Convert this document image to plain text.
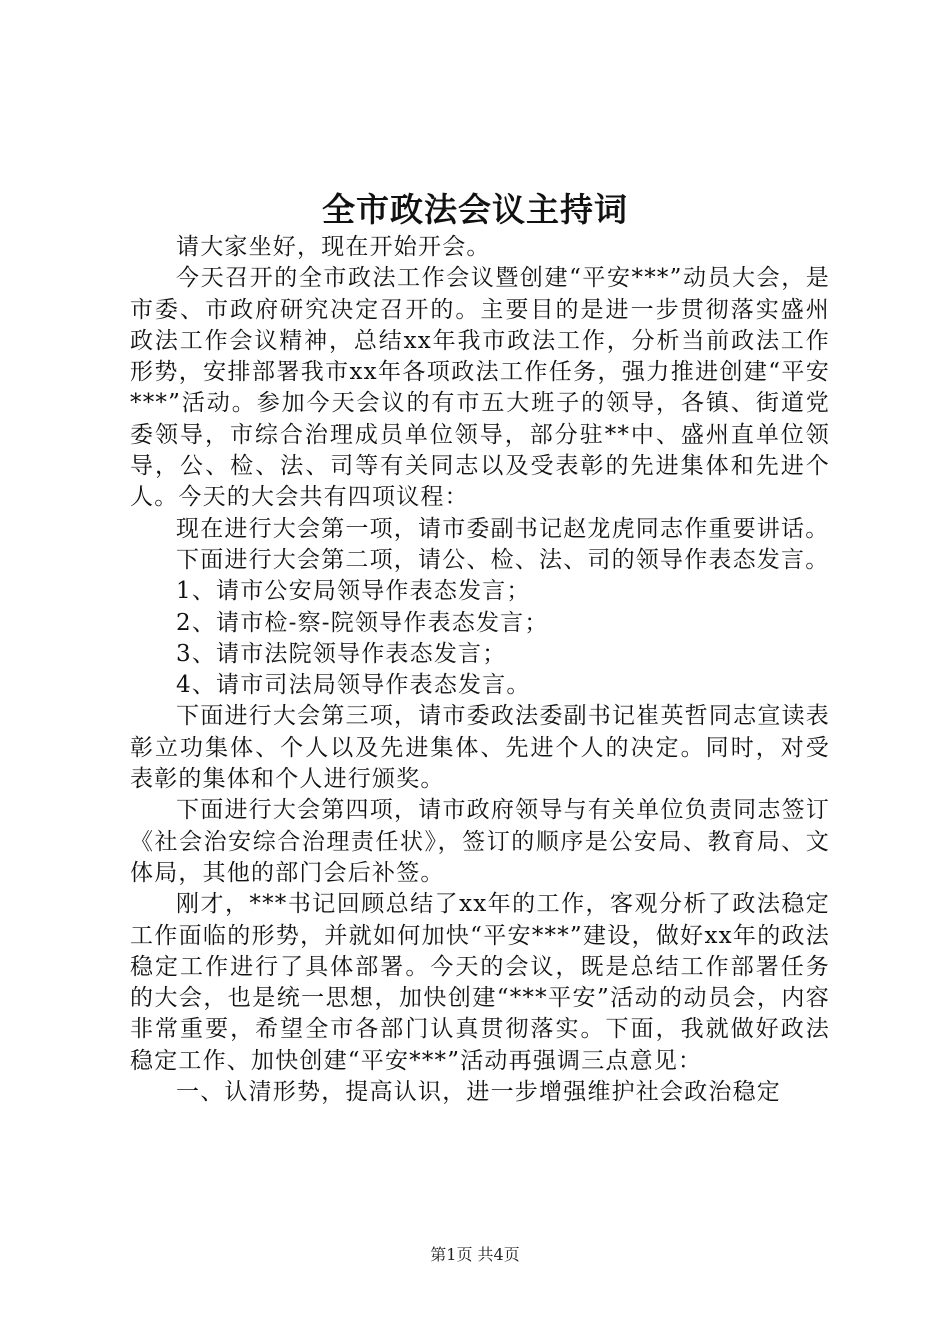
全市政法会议主持词

请大家坐好，现在开始开会。

今天召开的全市政法工作会议暨创建“平安***”动员大会，是市委、市政府研究决定召开的。主要目的是进一步贯彻落实盛州政法工作会议精神，总结xx年我市政法工作，分析当前政法工作形势，安排部署我市xx年各项政法工作任务，强力推进创建“平安***”活动。参加今天会议的有市五大班子的领导，各镇、街道党委领导，市综合治理成员单位领导，部分驻**中、盛州直单位领导，公、检、法、司等有关同志以及受表彰的先进集体和先进个人。今天的大会共有四项议程：

现在进行大会第一项，请市委副书记赵龙虎同志作重要讲话。

下面进行大会第二项，请公、检、法、司的领导作表态发言。

1、请市公安局领导作表态发言；

2、请市检-察-院领导作表态发言；

3、请市法院领导作表态发言；

4、请市司法局领导作表态发言。

下面进行大会第三项，请市委政法委副书记崔英哲同志宣读表彰立功集体、个人以及先进集体、先进个人的决定。同时，对受表彰的集体和个人进行颁奖。

下面进行大会第四项，请市政府领导与有关单位负责同志签订《社会治安综合治理责任状》，签订的顺序是公安局、教育局、文体局，其他的部门会后补签。

刚才，***书记回顾总结了xx年的工作，客观分析了政法稳定工作面临的形势，并就如何加快“平安***”建设，做好xx年的政法稳定工作进行了具体部署。今天的会议，既是总结工作部署任务的大会，也是统一思想，加快创建“***平安”活动的动员会，内容非常重要，希望全市各部门认真贯彻落实。下面，我就做好政法稳定工作、加快创建“平安***”活动再强调三点意见：

一、认清形势，提高认识，进一步增强维护社会政治稳定

第1页 共4页
